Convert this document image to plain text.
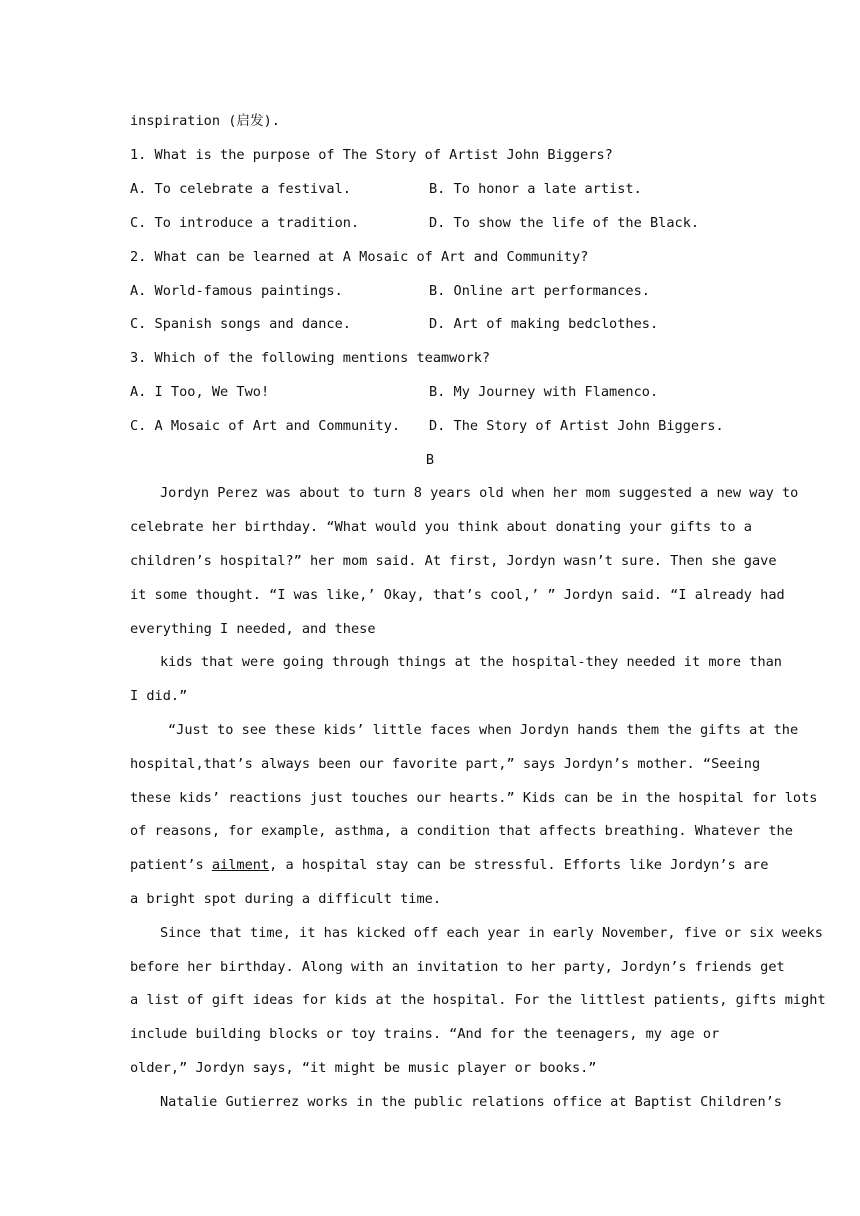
inspiration (启发).
1. What is the purpose of The Story of Artist John Biggers?
A. To celebrate a festival.	B. To honor a late artist.
C. To introduce a tradition.	D. To show the life of the Black.
2. What can be learned at A Mosaic of Art and Community?
A. World-famous paintings.	B. Online art performances.
C. Spanish songs and dance.	D. Art of making bedclothes.
3. Which of the following mentions teamwork?
A. I Too, We Two!	B. My Journey with Flamenco.
C. A Mosaic of Art and Community. D. The Story of Artist John Biggers.
B
Jordyn Perez was about to turn 8 years old when her mom suggested a new way to
celebrate her birthday. “What would you think about donating your gifts to a
children’s hospital?” her mom said. At first, Jordyn wasn’t sure. Then she gave
it some thought. “I was like,’ Okay, that’s cool,’ ” Jordyn said. “I already had
everything I needed, and these
kids that were going through things at the hospital-they needed it more than
I did.”
“Just to see these kids’ little faces when Jordyn hands them the gifts at the
hospital,that’s always been our favorite part,” says Jordyn’s mother. “Seeing
these kids’ reactions just touches our hearts.” Kids can be in the hospital for lots
of reasons, for example, asthma, a condition that affects breathing. Whatever the
patient’s ailment, a hospital stay can be stressful. Efforts like Jordyn’s are
a bright spot during a difficult time.
Since that time, it has kicked off each year in early November, five or six weeks
before her birthday. Along with an invitation to her party, Jordyn’s friends get
a list of gift ideas for kids at the hospital. For the littlest patients, gifts might
include building blocks or toy trains. “And for the teenagers, my age or
older,” Jordyn says, “it might be music player or books.”
Natalie Gutierrez works in the public relations office at Baptist Children’s
